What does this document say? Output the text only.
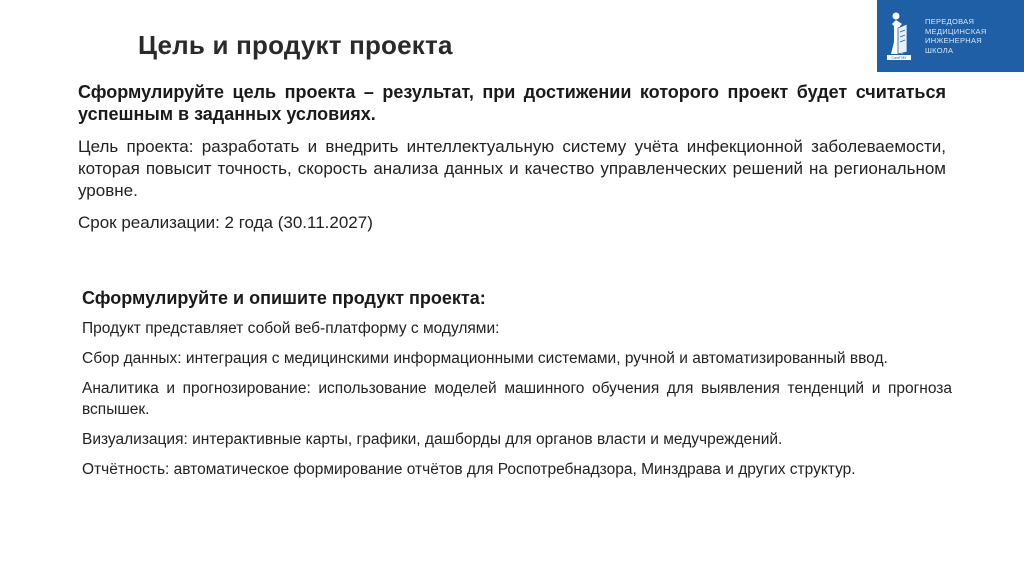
Цель и продукт проекта	СамГМУ
ПЕРЕДОВАЯ
МЕДИЦИНСКАЯ
ИНЖЕНЕРНАЯ
ШКОЛА

Сформулируйте цель проекта – результат, при достижении которого проект будет считаться успешным в заданных условиях.

Цель проекта: разработать и внедрить интеллектуальную систему учёта инфекционной заболеваемости, которая повысит точность, скорость анализа данных и качество управленческих решений на региональном уровне.

Срок реализации: 2 года (30.11.2027)

Сформулируйте и опишите продукт проекта:

Продукт представляет собой веб-платформу с модулями:

Сбор данных: интеграция с медицинскими информационными системами, ручной и автоматизированный ввод.

Аналитика и прогнозирование: использование моделей машинного обучения для выявления тенденций и прогноза вспышек.

Визуализация: интерактивные карты, графики, дашборды для органов власти и медучреждений.

Отчётность: автоматическое формирование отчётов для Роспотребнадзора, Минздрава и других структур.
